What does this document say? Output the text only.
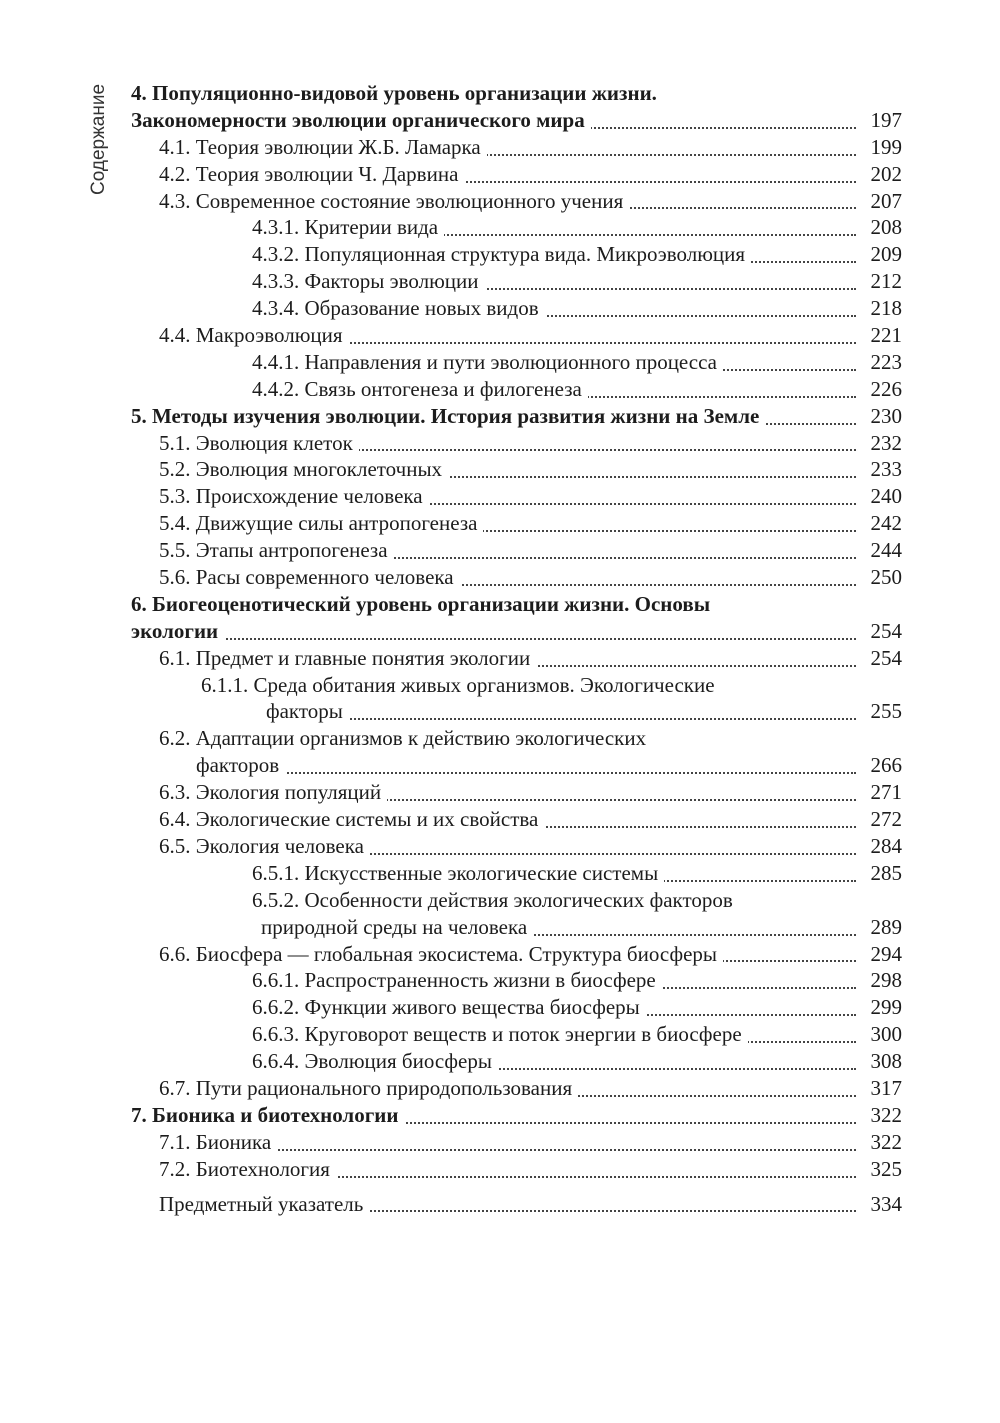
Содержание 4. Популяционно-видовой уровень организации жизни.
Закономерности эволюции органического мира	197
4.1. Теория эволюции Ж.Б. Ламарка	199
4.2. Теория эволюции Ч. Дарвина	202
4.3. Современное состояние эволюционного учения	207
4.3.1. Критерии вида	208
4.3.2. Популяционная структура вида. Микроэволюция	209
4.3.3. Факторы эволюции	212
4.3.4. Образование новых видов	218
4.4. Макроэволюция	221
4.4.1. Направления и пути эволюционного процесса	223
4.4.2. Связь онтогенеза и филогенеза	226
5. Методы изучения эволюции. История развития жизни на Земле	230
5.1. Эволюция клеток	232
5.2. Эволюция многоклеточных	233
5.3. Происхождение человека	240
5.4. Движущие силы антропогенеза	242
5.5. Этапы антропогенеза	244
5.6. Расы современного человека	250
6. Биогеоценотический уровень организации жизни. Основы
экологии	254
6.1. Предмет и главные понятия экологии	254
6.1.1. Среда обитания живых организмов. Экологические
факторы	255
6.2. Адаптации организмов к действию экологических
факторов	266
6.3. Экология популяций	271
6.4. Экологические системы и их свойства	272
6.5. Экология человека	284
6.5.1. Искусственные экологические системы	285
6.5.2. Особенности действия экологических факторов
природной среды на человека	289
6.6. Биосфера — глобальная экосистема. Структура биосферы	294
6.6.1. Распространенность жизни в биосфере	298
6.6.2. Функции живого вещества биосферы	299
6.6.3. Круговорот веществ и поток энергии в биосфере	300
6.6.4. Эволюция биосферы	308
6.7. Пути рационального природопользования	317
7. Бионика и биотехнологии	322
7.1. Бионика	322
7.2. Биотехнология	325
Предметный указатель	334
